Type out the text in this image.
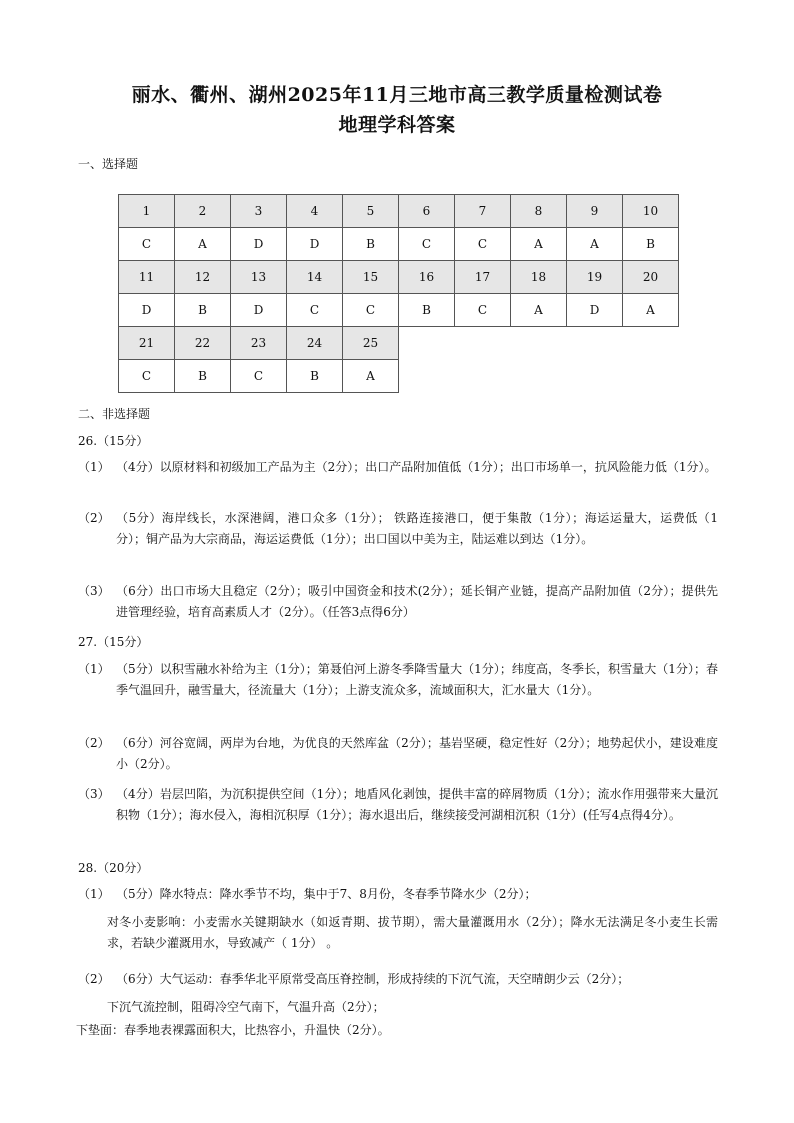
丽水、衢州、湖州2025年11月三地市高三教学质量检测试卷
地理学科答案
一、选择题
1	2	3	4	5	6	7	8	9	10
C	A	D	D	B	C	C	A	A	B
11	12	13	14	15	16	17	18	19	20
D	B	D	C	C	B	C	A	D	A
21	22	23	24	25					
C	B	C	B	A					
二、非选择题
26.（15分）
（1） （4分）以原材料和初级加工产品为主（2分）；出口产品附加值低（1分）；出口市场单一，抗风险能力低（1分）。
（2） （5分）海岸线长，水深港阔，港口众多（1分）； 铁路连接港口，便于集散（1分）；海运运量大，运费低（1分）；铜产品为大宗商品，海运运费低（1分）；出口国以中美为主，陆运难以到达（1分）。
（3） （6分）出口市场大且稳定（2分）；吸引中国资金和技术(2分）；延长铜产业链，提高产品附加值（2分）；提供先进管理经验，培育高素质人才（2分）。（任答3点得6分）
27.（15分）
（1） （5分）以积雪融水补给为主（1分）；第聂伯河上游冬季降雪量大（1分）；纬度高，冬季长，积雪量大（1分）；春季气温回升，融雪量大，径流量大（1分）；上游支流众多，流域面积大，汇水量大（1分）。
（2） （6分）河谷宽阔，两岸为台地，为优良的天然库盆（2分）；基岩坚硬，稳定性好（2分）；地势起伏小，建设难度小（2分）。
（3） （4分）岩层凹陷，为沉积提供空间（1分）；地盾风化剥蚀，提供丰富的碎屑物质（1分）；流水作用强带来大量沉积物（1分）；海水侵入，海相沉积厚（1分）；海水退出后，继续接受河湖相沉积（1分）(任写4点得4分）。
28.（20分）
（1） （5分）降水特点：降水季节不均，集中于7、8月份，冬春季节降水少（2分）；
对冬小麦影响：小麦需水关键期缺水（如返青期、拔节期），需大量灌溉用水（2分）；降水无法满足冬小麦生长需求，若缺少灌溉用水，导致减产（ 1分） 。
（2） （6分）大气运动：春季华北平原常受高压脊控制，形成持续的下沉气流，天空晴朗少云（2分）；
下沉气流控制，阻碍冷空气南下，气温升高（2分）；
下垫面：春季地表裸露面积大，比热容小，升温快（2分）。
